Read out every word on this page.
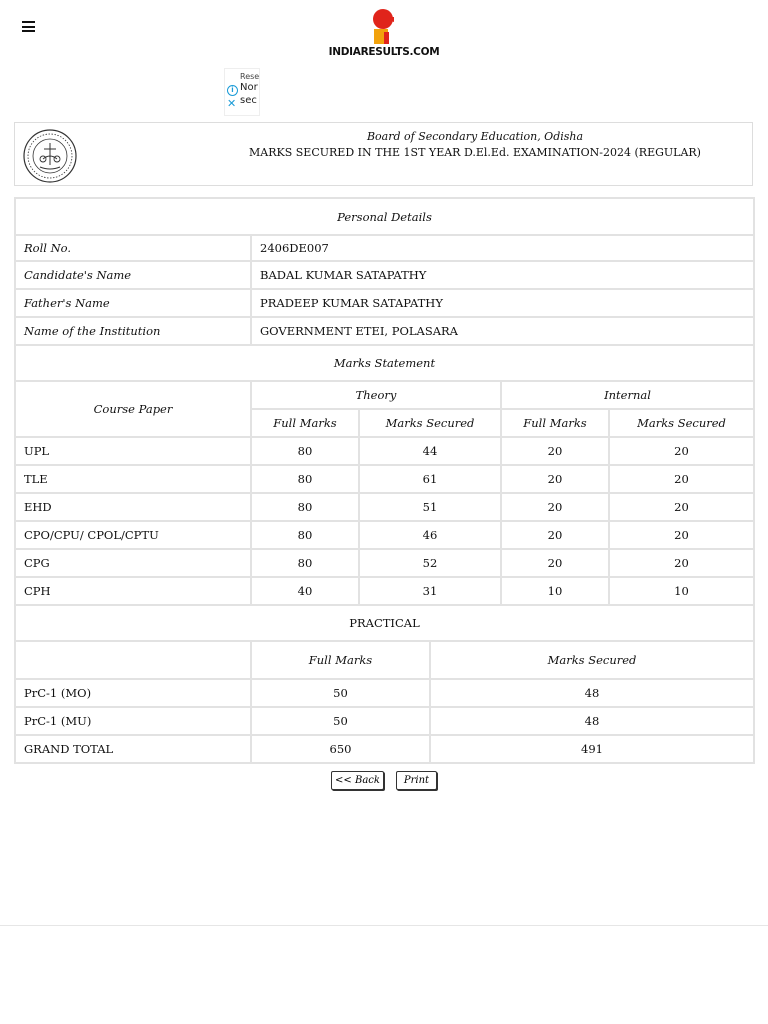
INDIARESULTS.COM
Rese
i Nor
✕ sec
Board of Secondary Education, Odisha
MARKS SECURED IN THE 1ST YEAR D.El.Ed. EXAMINATION-2024 (REGULAR)
Personal Details					
Roll No.	2406DE007				
Candidate's Name	BADAL KUMAR SATAPATHY				
Father's Name	PRADEEP KUMAR SATAPATHY				
Name of the Institution	GOVERNMENT ETEI, POLASARA				
Marks Statement					
Course Paper	Theory			Internal	
	Full Marks	Marks Secured		Full Marks	Marks Secured
UPL	80	44		20	20
TLE	80	61		20	20
EHD	80	51		20	20
CPO/CPU/ CPOL/CPTU	80	46		20	20
CPG	80	52		20	20
CPH	40	31		10	10
PRACTICAL					
	Full Marks		Marks Secured		
PrC-1 (MO)	50		48		
PrC-1 (MU)	50		48		
GRAND TOTAL	650		491		
<< Back	Print
